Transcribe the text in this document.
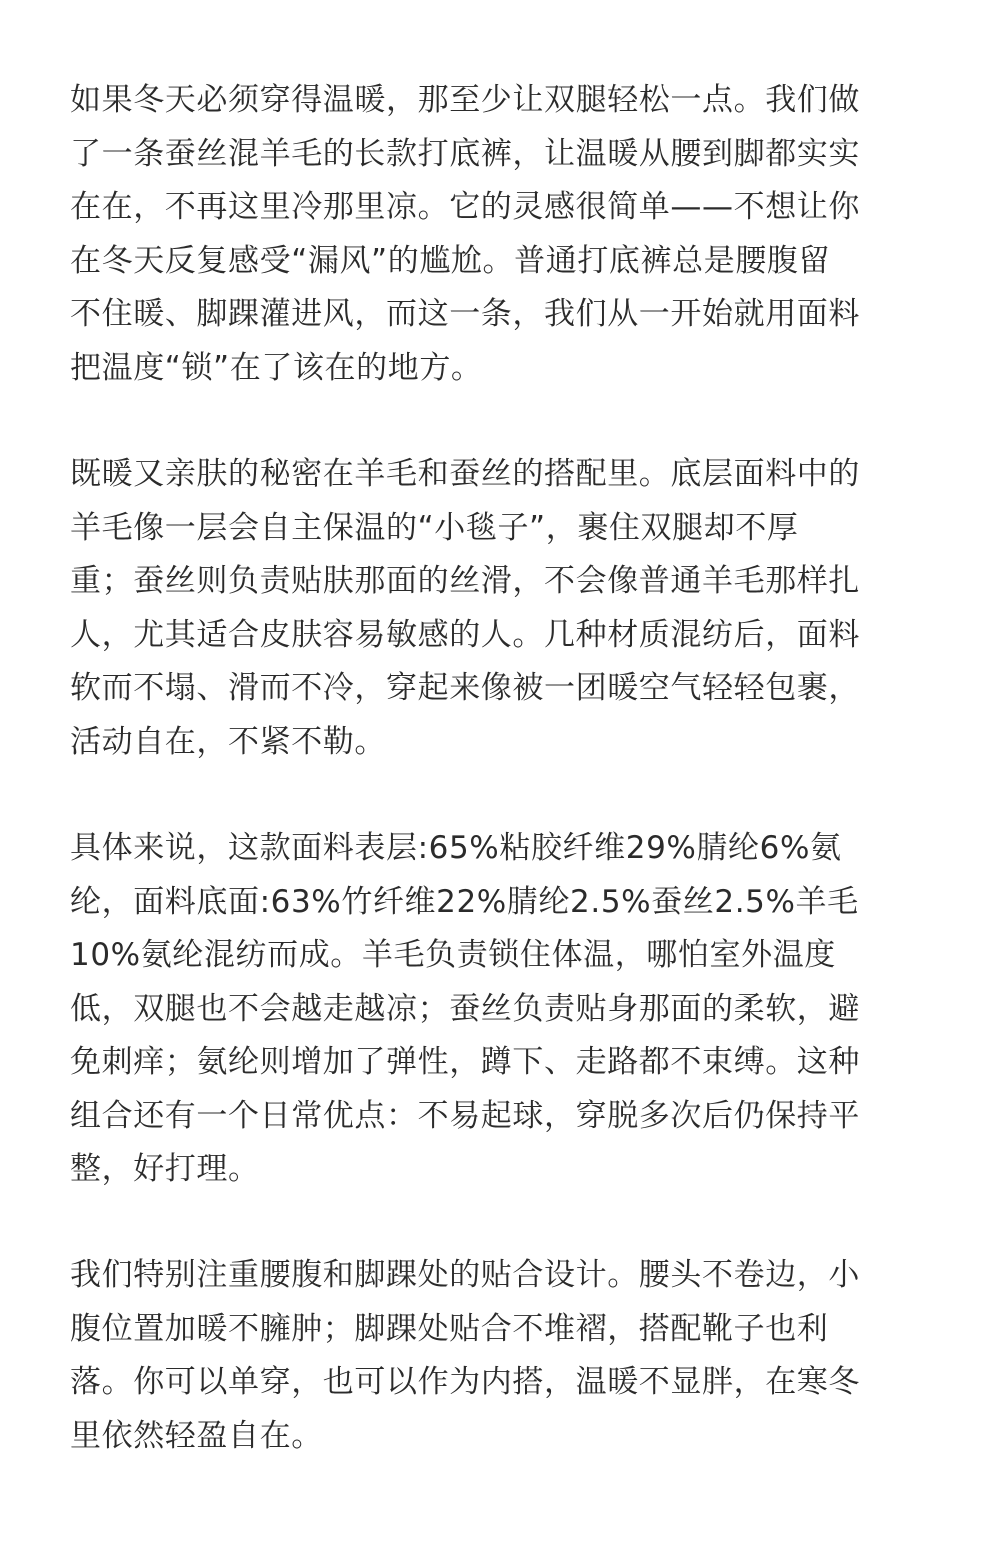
如果冬天必须穿得温暖，那至少让双腿轻松一点。我们做
了一条蚕丝混羊毛的长款打底裤，让温暖从腰到脚都实实
在在，不再这里冷那里凉。它的灵感很简单——不想让你
在冬天反复感受“漏风”的尴尬。普通打底裤总是腰腹留
不住暖、脚踝灌进风，而这一条，我们从一开始就用面料
把温度“锁”在了该在的地方。
既暖又亲肤的秘密在羊毛和蚕丝的搭配里。底层面料中的
羊毛像一层会自主保温的“小毯子”，裹住双腿却不厚
重；蚕丝则负责贴肤那面的丝滑，不会像普通羊毛那样扎
人，尤其适合皮肤容易敏感的人。几种材质混纺后，面料
软而不塌、滑而不冷，穿起来像被一团暖空气轻轻包裹，
活动自在，不紧不勒。
具体来说，这款面料表层:65%粘胶纤维29%腈纶6%氨
纶，面料底面:63%竹纤维22%腈纶2.5%蚕丝2.5%羊毛
10%氨纶混纺而成。羊毛负责锁住体温，哪怕室外温度
低，双腿也不会越走越凉；蚕丝负责贴身那面的柔软，避
免刺痒；氨纶则增加了弹性，蹲下、走路都不束缚。这种
组合还有一个日常优点：不易起球，穿脱多次后仍保持平
整，好打理。
我们特别注重腰腹和脚踝处的贴合设计。腰头不卷边，小
腹位置加暖不臃肿；脚踝处贴合不堆褶，搭配靴子也利
落。你可以单穿，也可以作为内搭，温暖不显胖，在寒冬
里依然轻盈自在。
